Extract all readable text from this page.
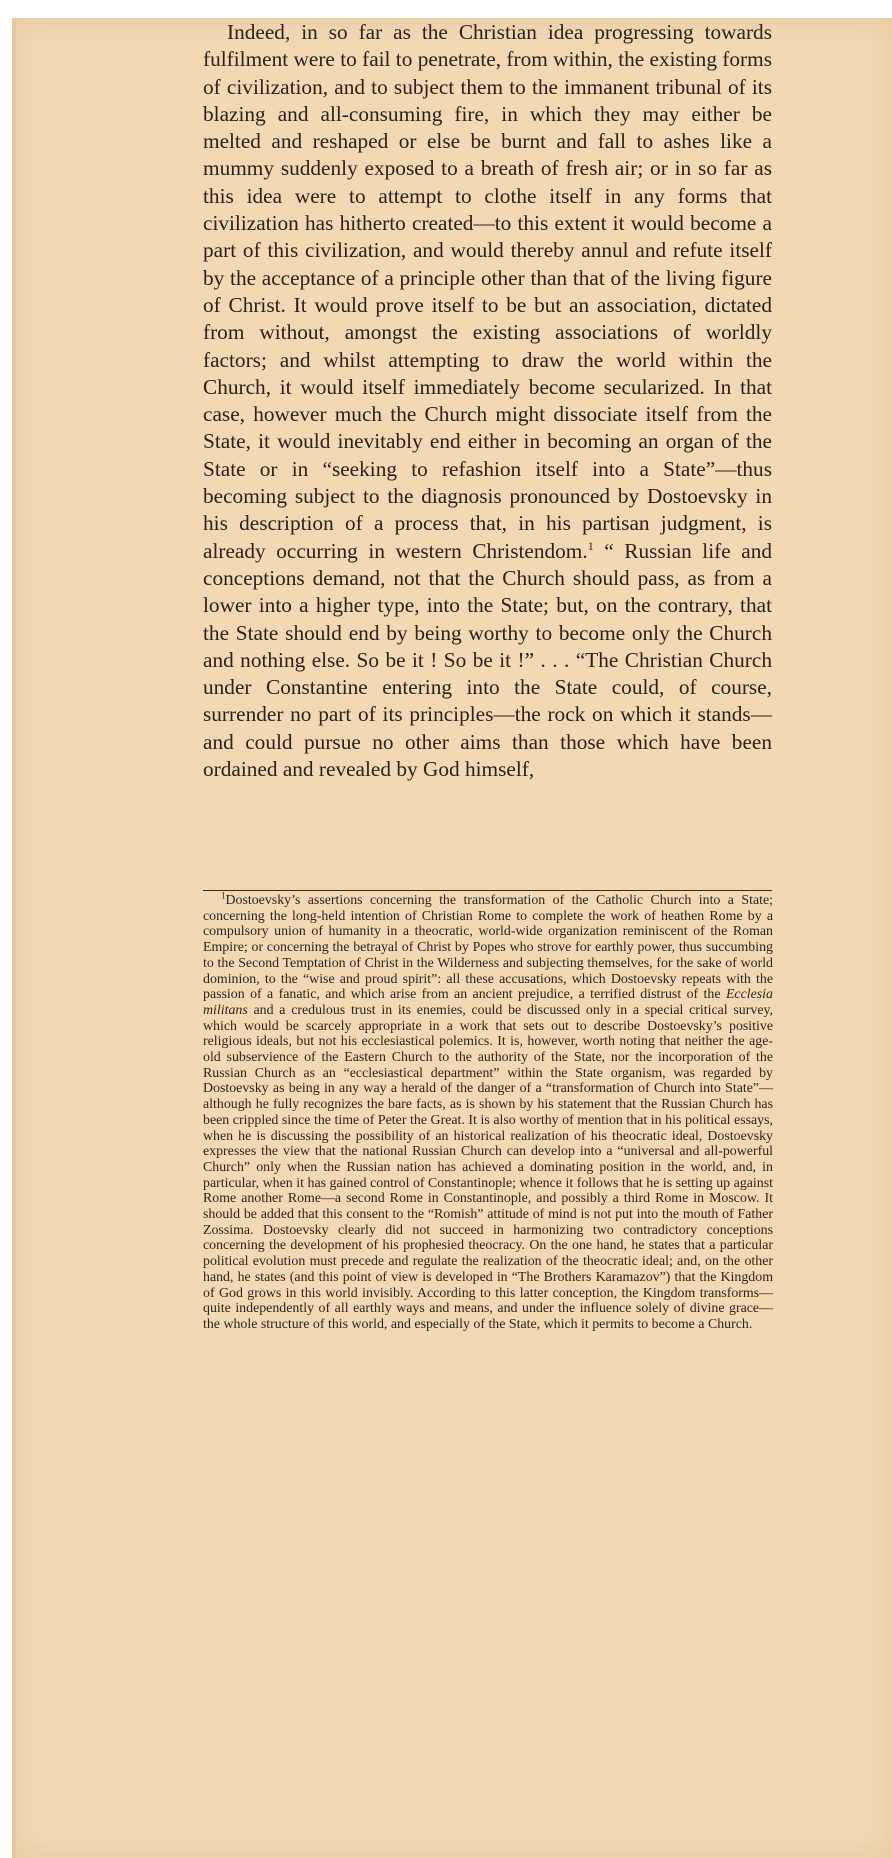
Indeed, in so far as the Christian idea progressing towards fulfilment were to fail to penetrate, from within, the existing forms of civilization, and to subject them to the immanent tribunal of its blazing and all-consuming fire, in which they may either be melted and reshaped or else be burnt and fall to ashes like a mummy suddenly exposed to a breath of fresh air; or in so far as this idea were to attempt to clothe itself in any forms that civilization has hitherto created—to this extent it would become a part of this civilization, and would thereby annul and refute itself by the acceptance of a principle other than that of the living figure of Christ. It would prove itself to be but an association, dictated from without, amongst the existing associations of worldly factors; and whilst attempting to draw the world within the Church, it would itself immediately become secularized. In that case, however much the Church might dissociate itself from the State, it would inevitably end either in becoming an organ of the State or in “seeking to refashion itself into a State”—thus becoming subject to the diagnosis pronounced by Dostoevsky in his description of a process that, in his partisan judgment, is already occurring in western Christendom.$^1$ “ Russian life and conceptions demand, not that the Church should pass, as from a lower into a higher type, into the State; but, on the contrary, that the State should end by being worthy to become only the Church and nothing else. So be it ! So be it !” . . . “The Christian Church under Constantine entering into the State could, of course, surrender no part of its principles—the rock on which it stands—and could pursue no other aims than those which have been ordained and revealed by God himself,

$^1$Dostoevsky’s assertions concerning the transformation of the Catholic Church into a State; concerning the long-held intention of Christian Rome to complete the work of heathen Rome by a compulsory union of humanity in a theocratic, world-wide organization reminiscent of the Roman Empire; or concerning the betrayal of Christ by Popes who strove for earthly power, thus succumbing to the Second Temptation of Christ in the Wilderness and subjecting themselves, for the sake of world dominion, to the “wise and proud spirit”: all these accusations, which Dostoevsky repeats with the passion of a fanatic, and which arise from an ancient prejudice, a terrified distrust of the Ecclesia militans and a credulous trust in its enemies, could be discussed only in a special critical survey, which would be scarcely appropriate in a work that sets out to describe Dostoevsky’s positive religious ideals, but not his ecclesiastical polemics. It is, however, worth noting that neither the age-old subservience of the Eastern Church to the authority of the State, nor the incorporation of the Russian Church as an “ecclesiastical department” within the State organism, was regarded by Dostoevsky as being in any way a herald of the danger of a “transformation of Church into State”—although he fully recognizes the bare facts, as is shown by his statement that the Russian Church has been crippled since the time of Peter the Great. It is also worthy of mention that in his political essays, when he is discussing the possibility of an historical realization of his theocratic ideal, Dostoevsky expresses the view that the national Russian Church can develop into a “universal and all-powerful Church” only when the Russian nation has achieved a dominating position in the world, and, in particular, when it has gained control of Constantinople; whence it follows that he is setting up against Rome another Rome—a second Rome in Constantinople, and possibly a third Rome in Moscow. It should be added that this consent to the “Romish” attitude of mind is not put into the mouth of Father Zossima. Dostoevsky clearly did not succeed in harmonizing two contradictory conceptions concerning the development of his prophesied theocracy. On the one hand, he states that a particular political evolution must precede and regulate the realization of the theocratic ideal; and, on the other hand, he states (and this point of view is developed in “The Brothers Karamazov”) that the Kingdom of God grows in this world invisibly. According to this latter conception, the Kingdom transforms—quite independently of all earthly ways and means, and under the influence solely of divine grace—the whole structure of this world, and especially of the State, which it permits to become a Church.
